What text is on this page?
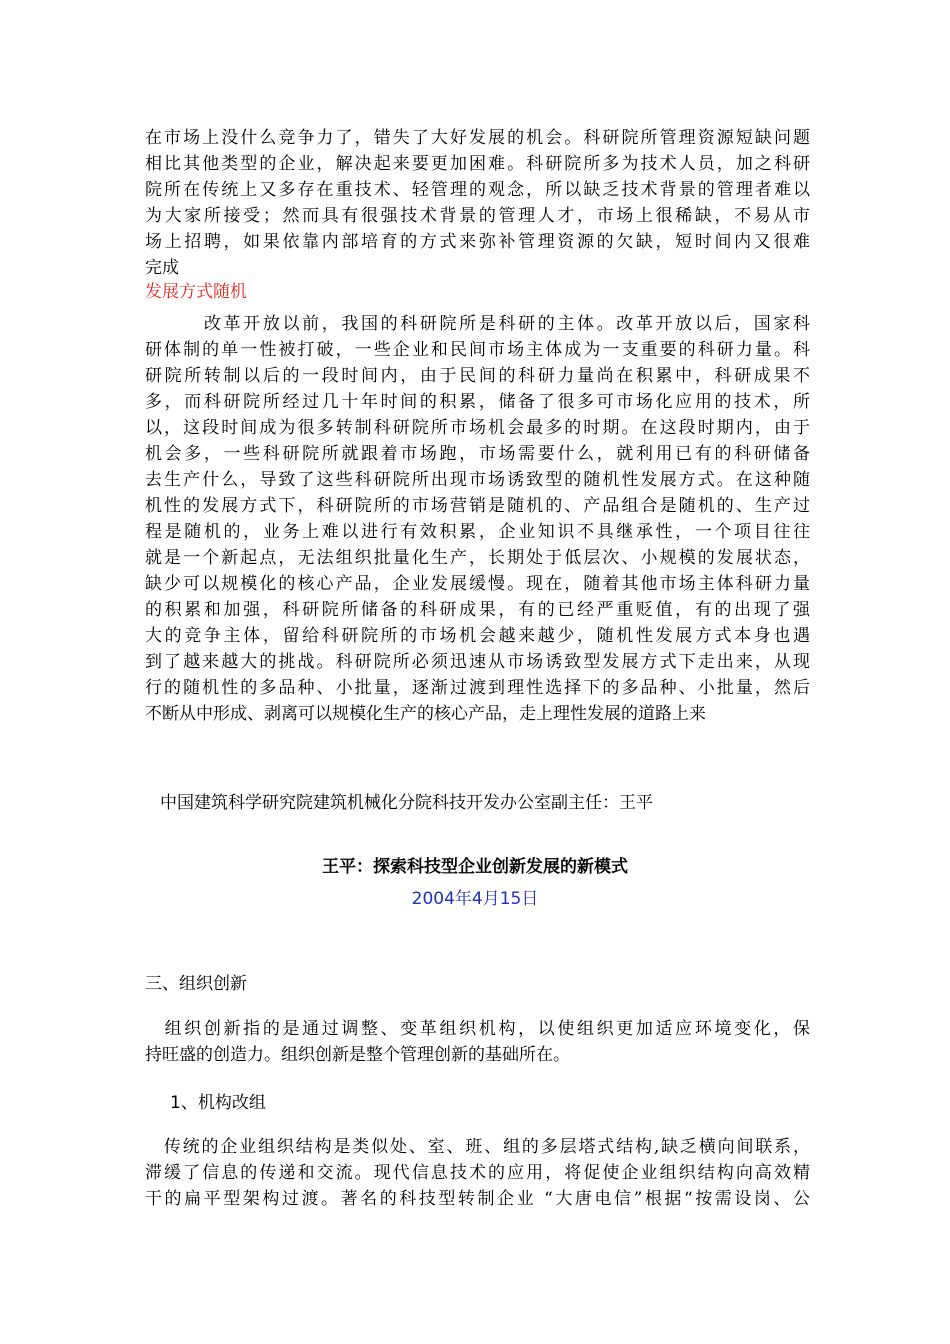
在市场上没什么竞争力了，错失了大好发展的机会。科研院所管理资源短缺问题
相比其他类型的企业，解决起来要更加困难。科研院所多为技术人员，加之科研
院所在传统上又多存在重技术、轻管理的观念，所以缺乏技术背景的管理者难以
为大家所接受；然而具有很强技术背景的管理人才，市场上很稀缺，不易从市
场上招聘，如果依靠内部培育的方式来弥补管理资源的欠缺，短时间内又很难
完成

发展方式随机

　　　改革开放以前，我国的科研院所是科研的主体。改革开放以后，国家科
研体制的单一性被打破，一些企业和民间市场主体成为一支重要的科研力量。科
研院所转制以后的一段时间内，由于民间的科研力量尚在积累中，科研成果不
多，而科研院所经过几十年时间的积累，储备了很多可市场化应用的技术，所
以，这段时间成为很多转制科研院所市场机会最多的时期。在这段时期内，由于
机会多，一些科研院所就跟着市场跑，市场需要什么，就利用已有的科研储备
去生产什么，导致了这些科研院所出现市场诱致型的随机性发展方式。在这种随
机性的发展方式下，科研院所的市场营销是随机的、产品组合是随机的、生产过
程是随机的，业务上难以进行有效积累，企业知识不具继承性，一个项目往往
就是一个新起点，无法组织批量化生产，长期处于低层次、小规模的发展状态，
缺少可以规模化的核心产品，企业发展缓慢。现在，随着其他市场主体科研力量
的积累和加强，科研院所储备的科研成果，有的已经严重贬值，有的出现了强
大的竞争主体，留给科研院所的市场机会越来越少，随机性发展方式本身也遇
到了越来越大的挑战。科研院所必须迅速从市场诱致型发展方式下走出来，从现
行的随机性的多品种、小批量，逐渐过渡到理性选择下的多品种、小批量，然后
不断从中形成、剥离可以规模化生产的核心产品，走上理性发展的道路上来

中国建筑科学研究院建筑机械化分院科技开发办公室副主任：王平

王平：探索科技型企业创新发展的新模式

2004年4月15日

三、组织创新

　组织创新指的是通过调整、变革组织机构，以使组织更加适应环境变化，保
持旺盛的创造力。组织创新是整个管理创新的基础所在。

1、机构改组

　传统的企业组织结构是类似处、室、班、组的多层塔式结构,缺乏横向间联系，
滞缓了信息的传递和交流。现代信息技术的应用，将促使企业组织结构向高效精
干的扁平型架构过渡。著名的科技型转制企业 “大唐电信”根据“按需设岗、公
